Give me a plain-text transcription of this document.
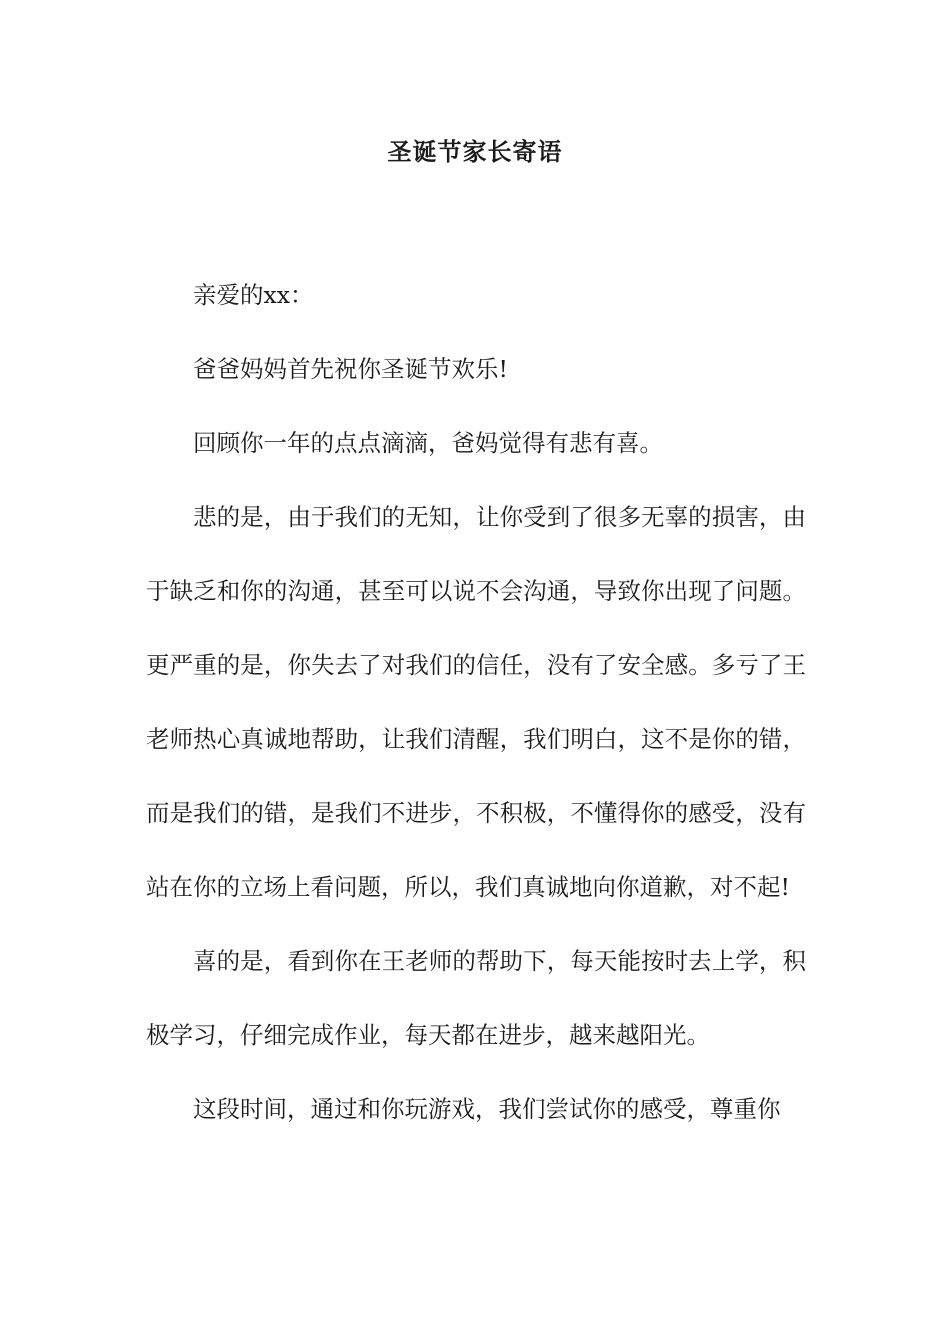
圣诞节家长寄语

亲爱的xx：

爸爸妈妈首先祝你圣诞节欢乐!

回顾你一年的点点滴滴，爸妈觉得有悲有喜。

悲的是，由于我们的无知，让你受到了很多无辜的损害，由于缺乏和你的沟通，甚至可以说不会沟通，导致你出现了问题。更严重的是，你失去了对我们的信任，没有了安全感。多亏了王老师热心真诚地帮助，让我们清醒，我们明白，这不是你的错，而是我们的错，是我们不进步，不积极，不懂得你的感受，没有站在你的立场上看问题，所以，我们真诚地向你道歉，对不起!

喜的是，看到你在王老师的帮助下，每天能按时去上学，积极学习，仔细完成作业，每天都在进步，越来越阳光。

这段时间，通过和你玩游戏，我们尝试你的感受，尊重你
